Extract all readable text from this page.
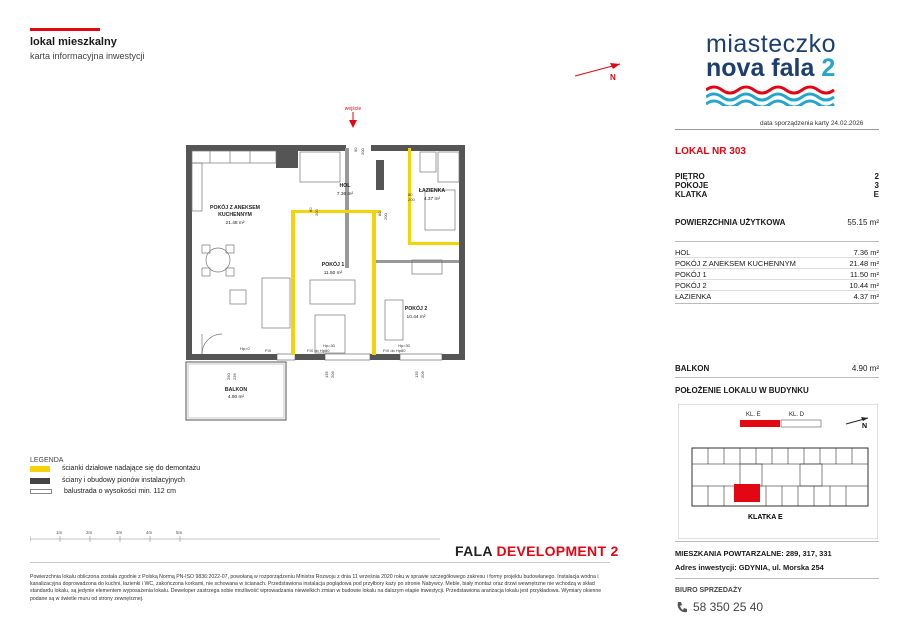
lokal mieszkalny
karta informacyjna inwestycji
N
miasteczko
nova fala 2
data sporządzenia karty 24.02.2026
LOKAL NR 303
PIĘTRO	2
POKOJE	3
KLATKA	E
POWIERZCHNIA UŻYTKOWA	55.15 m²
HOL	7.36 m²
POKÓJ Z ANEKSEM KUCHENNYM	21.48 m²
POKÓJ 1	11.50 m²
POKÓJ 2	10.44 m²
ŁAZIENKA	4.37 m²
BALKON	4.90 m²
POŁOŻENIE LOKALU W BUDYNKU
KL. E	KL. D
N
KLATKA E
MIESZKANIA POWTARZALNE: 289, 317, 331
Adres inwestycji: GDYNIA, ul. Morska 254
BIURO SPRZEDAŻY
58 350 25 40
wejście
POKÓJ Z ANEKSEM
KUCHENNYM
HOL
ŁAZIENKA
POKÓJ 1
POKÓJ 2
BALKON
21.48 m²
7.36 m²
4.37 m²
11.50 m²
10.44 m²
4.90 m²
90 200
80
200
80 200	80 200
Hp=0	FIX
Hp=30
FIX do Hp80
Hp=30
FIX do Hp80
250 236	135 206	135 206
LEGENDA
ścianki działowe nadające się do demontażu
ściany i obudowy pionów instalacyjnych
balustrada o wysokości min. 112 cm
1m	2m	3m	4m	5m
FALA DEVELOPMENT 2
Powierzchnia lokalu obliczona została zgodnie z Polską Normą PN-ISO 9836:2022-07, powołaną w rozporządzeniu Ministra Rozwoju z dnia 11 września 2020 roku w sprawie szczegółowego zakresu i formy projektu budowlanego. Instalacja wodna i kanalizacyjna doprowadzona do kuchni, łazienki i WC, zakończona korkami, nie schowana w ścianach. Przedstawiona instalacja poglądowa pod przyłbory każy po stronie Nabywcy. Meble, biały montaż oraz drzwi wewnętrzne nie wchodzą w skład standardu lokalu, są jedynie elementem wyposażenia lokalu. Deweloper zastrzega sobie możliwość wprowadzania niewielkich zmian w budowie lokalu na dalszym etapie inwestycji. Przedstawiona aranżacja lokalu jest przykładowa. Wymiary okienne podane są w świetle muru od strony zewnętrznej.
